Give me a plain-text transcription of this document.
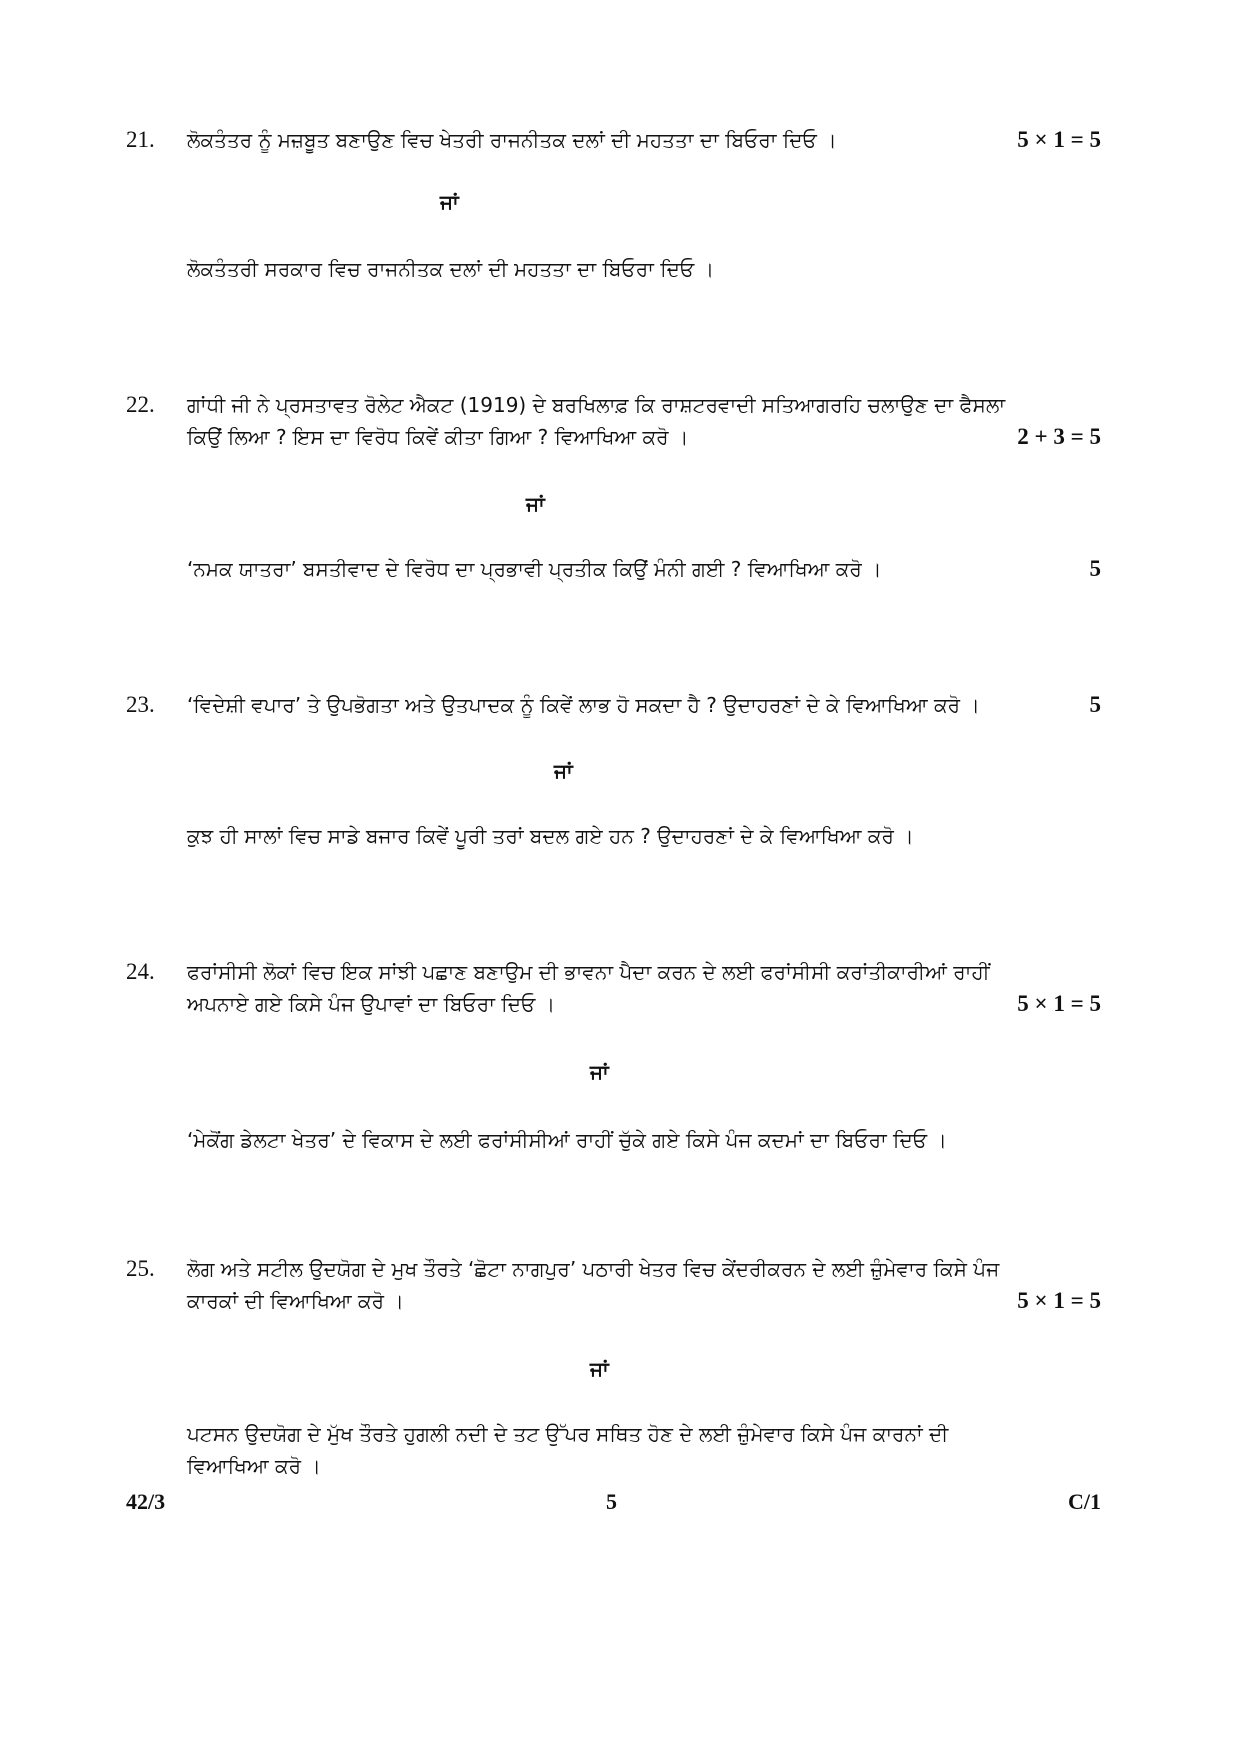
21. ਲੋਕਤੰਤਰ ਨੂੰ ਮਜ਼ਬੂਤ ਬਣਾਉਣ ਵਿਚ ਖੇਤਰੀ ਰਾਜਨੀਤਕ ਦਲਾਂ ਦੀ ਮਹਤਤਾ ਦਾ ਬਿਓਰਾ ਦਿਓ ।	5 × 1 = 5
ਜਾਂ
ਲੋਕਤੰਤਰੀ ਸਰਕਾਰ ਵਿਚ ਰਾਜਨੀਤਕ ਦਲਾਂ ਦੀ ਮਹਤਤਾ ਦਾ ਬਿਓਰਾ ਦਿਓ ।
22. ਗਾਂਧੀ ਜੀ ਨੇ ਪ੍ਰਸਤਾਵਤ ਰੋਲੇਟ ਐਕਟ (1919) ਦੇ ਬਰਖਿਲਾਫ਼ ਕਿ ਰਾਸ਼ਟਰਵਾਦੀ ਸਤਿਆਗਰਹਿ ਚਲਾਉਣ ਦਾ ਫੈਸਲਾ
ਕਿਉਂ ਲਿਆ ? ਇਸ ਦਾ ਵਿਰੋਧ ਕਿਵੇਂ ਕੀਤਾ ਗਿਆ ? ਵਿਆਖਿਆ ਕਰੋ ।	2 + 3 = 5
ਜਾਂ
‘ਨਮਕ ਯਾਤਰਾ’ ਬਸਤੀਵਾਦ ਦੇ ਵਿਰੋਧ ਦਾ ਪ੍ਰਭਾਵੀ ਪ੍ਰਤੀਕ ਕਿਉਂ ਮੰਨੀ ਗਈ ? ਵਿਆਖਿਆ ਕਰੋ ।	5
23. ‘ਵਿਦੇਸ਼ੀ ਵਪਾਰ’ ਤੇ ਉਪਭੋਗਤਾ ਅਤੇ ਉਤਪਾਦਕ ਨੂੰ ਕਿਵੇਂ ਲਾਭ ਹੋ ਸਕਦਾ ਹੈ ? ਉਦਾਹਰਣਾਂ ਦੇ ਕੇ ਵਿਆਖਿਆ ਕਰੋ ।	5
ਜਾਂ
ਕੁਝ ਹੀ ਸਾਲਾਂ ਵਿਚ ਸਾਡੇ ਬਜਾਰ ਕਿਵੇਂ ਪੂਰੀ ਤਰਾਂ ਬਦਲ ਗਏ ਹਨ ? ਉਦਾਹਰਣਾਂ ਦੇ ਕੇ ਵਿਆਖਿਆ ਕਰੋ ।
24. ਫਰਾਂਸੀਸੀ ਲੋਕਾਂ ਵਿਚ ਇਕ ਸਾਂਝੀ ਪਛਾਣ ਬਣਾਉਮ ਦੀ ਭਾਵਨਾ ਪੈਦਾ ਕਰਨ ਦੇ ਲਈ ਫਰਾਂਸੀਸੀ ਕਰਾਂਤੀਕਾਰੀਆਂ ਰਾਹੀਂ
ਅਪਨਾਏ ਗਏ ਕਿਸੇ ਪੰਜ ਉਪਾਵਾਂ ਦਾ ਬਿਓਰਾ ਦਿਓ ।	5 × 1 = 5
ਜਾਂ
‘ਮੇਕੋਂਗ ਡੇਲਟਾ ਖੇਤਰ’ ਦੇ ਵਿਕਾਸ ਦੇ ਲਈ ਫਰਾਂਸੀਸੀਆਂ ਰਾਹੀਂ ਚੁੱਕੇ ਗਏ ਕਿਸੇ ਪੰਜ ਕਦਮਾਂ ਦਾ ਬਿਓਰਾ ਦਿਓ ।
25. ਲੋਗ ਅਤੇ ਸਟੀਲ ਉਦਯੋਗ ਦੇ ਮੁਖ ਤੌਰਤੇ ‘ਛੋਟਾ ਨਾਗਪੁਰ’ ਪਠਾਰੀ ਖੇਤਰ ਵਿਚ ਕੇਂਦਰੀਕਰਨ ਦੇ ਲਈ ਜ਼ੁੰਮੇਵਾਰ ਕਿਸੇ ਪੰਜ
ਕਾਰਕਾਂ ਦੀ ਵਿਆਖਿਆ ਕਰੋ ।	5 × 1 = 5
ਜਾਂ
ਪਟਸਨ ਉਦਯੋਗ ਦੇ ਮੁੱਖ ਤੌਰਤੇ ਹੁਗਲੀ ਨਦੀ ਦੇ ਤਟ ਉੱਪਰ ਸਥਿਤ ਹੋਣ ਦੇ ਲਈ ਜ਼ੁੰਮੇਵਾਰ ਕਿਸੇ ਪੰਜ ਕਾਰਨਾਂ ਦੀ
ਵਿਆਖਿਆ ਕਰੋ ।
42/3	5	C/1
